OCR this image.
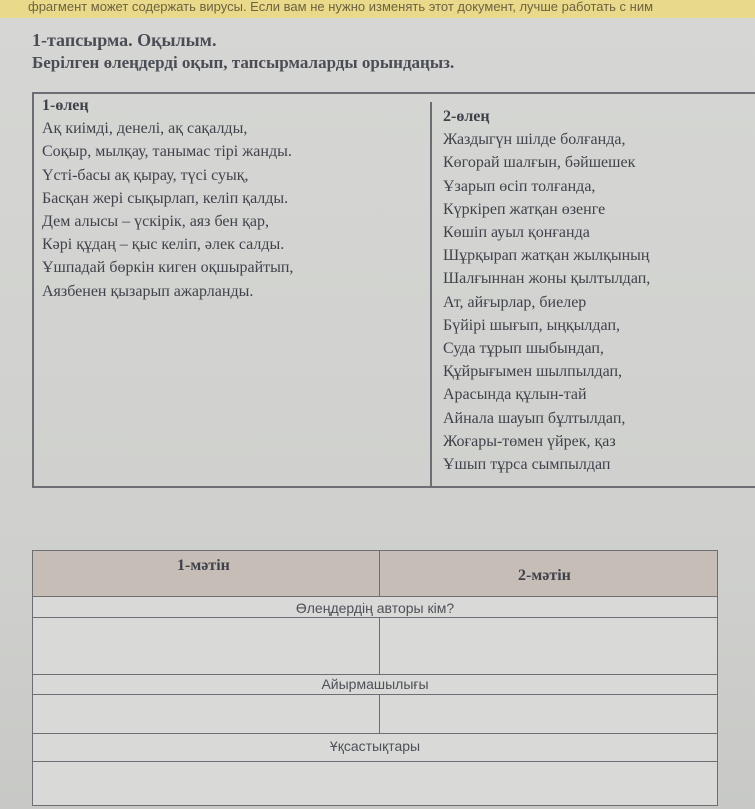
фрагмент может содержать вирусы. Если вам не нужно изменять этот документ, лучше работать с ним
1-тапсырма. Оқылым.
Берілген өлеңдерді оқып, тапсырмаларды орындаңыз.
1-өлең
Ақ киімді, денелі, ақ сақалды,
Соқыр, мылқау, танымас тірі жанды.
Үсті-басы ақ қырау, түсі суық,
Басқан жері сықырлап, келіп қалды.
Дем алысы – үскірік, аяз бен қар,
Кәрі құдаң – қыс келіп, әлек салды.
Ұшпадай бөркін киген оқшырайтып,
Аязбенен қызарып ажарланды.
2-өлең
Жаздыгүн шілде болғанда,
Көгорай шалғын, бәйшешек
Ұзарып өсіп толғанда,
Күркіреп жатқан өзенге
Көшіп ауыл қонғанда
Шұрқырап жатқан жылқының
Шалғыннан жоны қылтылдап,
Ат, айғырлар, биелер
Бүйірі шығып, ыңқылдап,
Суда тұрып шыбындап,
Құйрығымен шылпылдап,
Арасында құлын-тай
Айнала шауып бұлтылдап,
Жоғары-төмен үйрек, қаз
Ұшып тұрса сымпылдап
1-мәтін
2-мәтін
Өлеңдердің авторы кім?
Айырмашылығы
Ұқсастықтары
